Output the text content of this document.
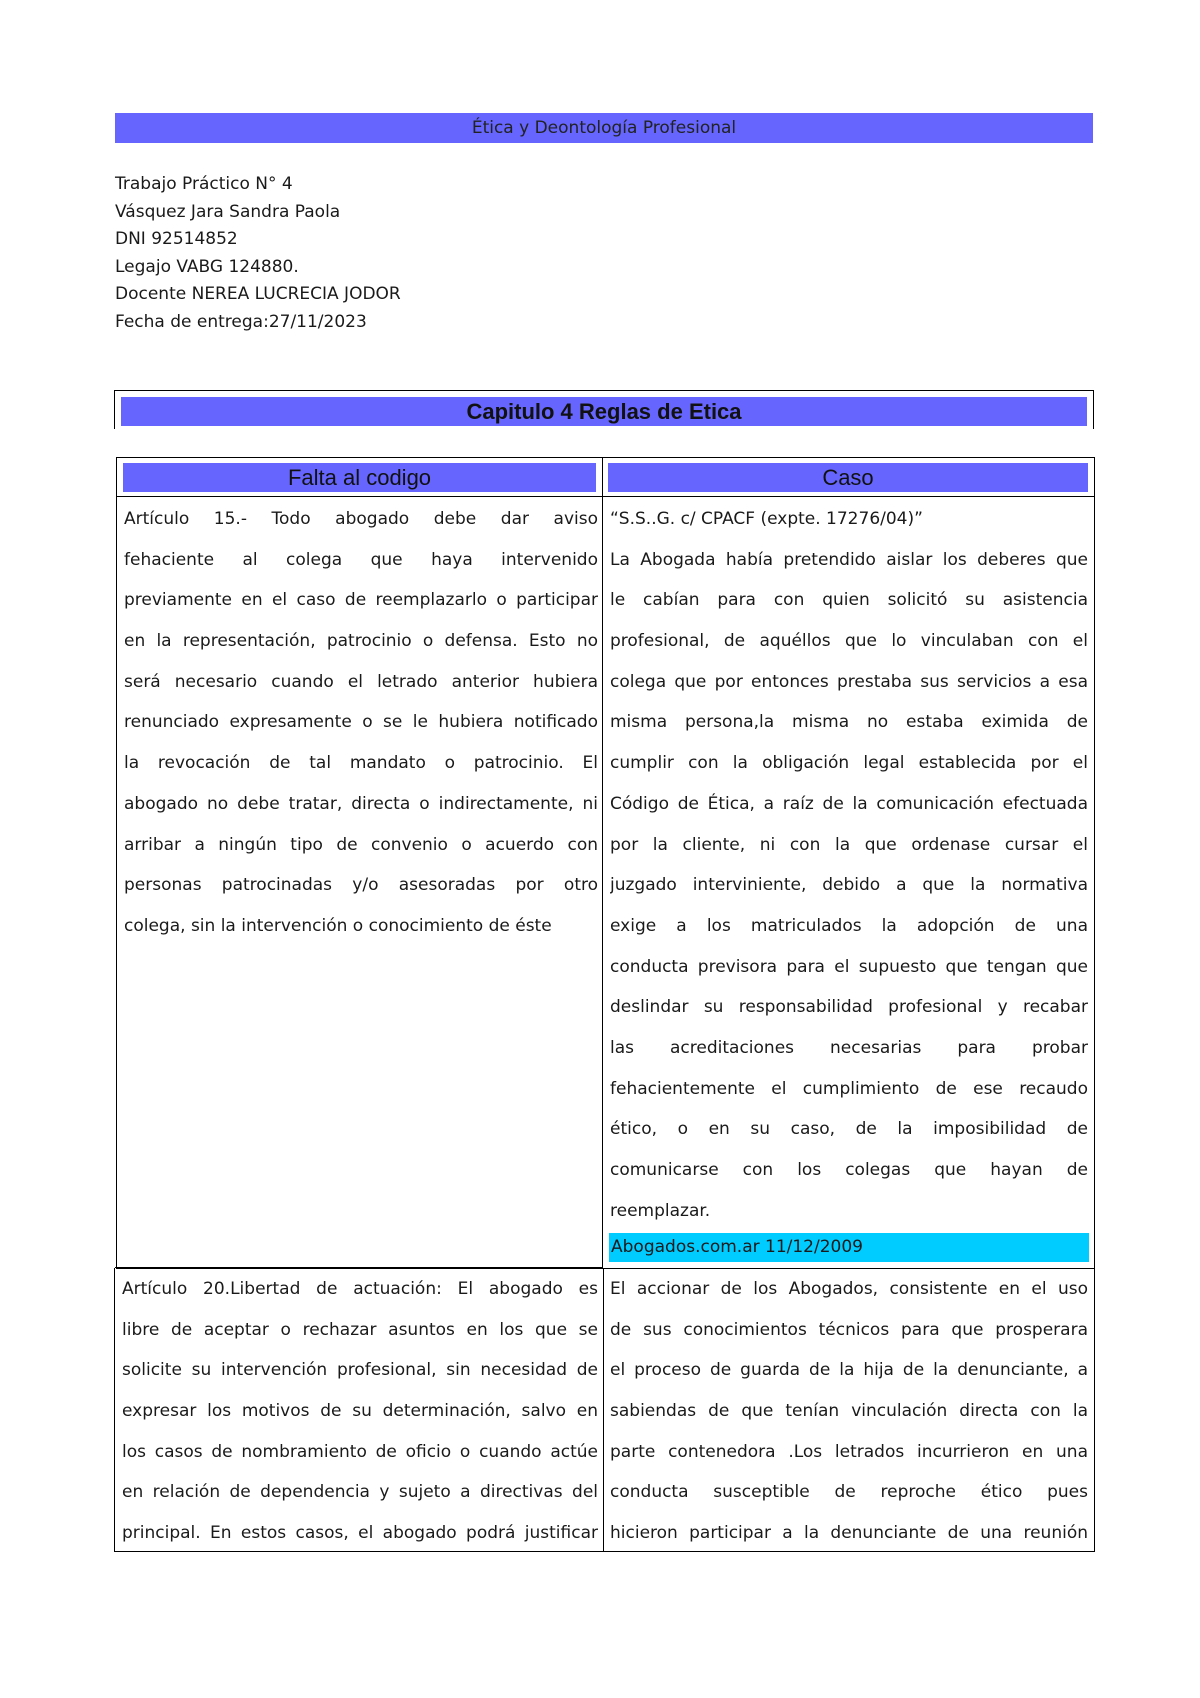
Ética y Deontología Profesional
Trabajo Práctico N° 4
Vásquez Jara Sandra Paola
DNI 92514852
Legajo VABG 124880.
Docente NEREA LUCRECIA JODOR
Fecha de entrega:27/11/2023
Capitulo 4 Reglas de Etica
Falta al codigo	Caso
Artículo 15.- Todo abogado debe dar aviso
fehaciente al colega que haya intervenido
previamente en el caso de reemplazarlo o participar
en la representación, patrocinio o defensa. Esto no
será necesario cuando el letrado anterior hubiera
renunciado expresamente o se le hubiera notificado
la revocación de tal mandato o patrocinio. El
abogado no debe tratar, directa o indirectamente, ni
arribar a ningún tipo de convenio o acuerdo con
personas patrocinadas y/o asesoradas por otro
colega, sin la intervención o conocimiento de éste
“S.S..G. c/ CPACF (expte. 17276/04)”
La Abogada había pretendido aislar los deberes que
le cabían para con quien solicitó su asistencia
profesional, de aquéllos que lo vinculaban con el
colega que por entonces prestaba sus servicios a esa
misma persona,la misma no estaba eximida de
cumplir con la obligación legal establecida por el
Código de Ética, a raíz de la comunicación efectuada
por la cliente, ni con la que ordenase cursar el
juzgado interviniente, debido a que la normativa
exige a los matriculados la adopción de una
conducta previsora para el supuesto que tengan que
deslindar su responsabilidad profesional y recabar
las acreditaciones necesarias para probar
fehacientemente el cumplimiento de ese recaudo
ético, o en su caso, de la imposibilidad de
comunicarse con los colegas que hayan de
reemplazar.
Abogados.com.ar 11/12/2009
Artículo 20.Libertad de actuación: El abogado es
libre de aceptar o rechazar asuntos en los que se
solicite su intervención profesional, sin necesidad de
expresar los motivos de su determinación, salvo en
los casos de nombramiento de oficio o cuando actúe
en relación de dependencia y sujeto a directivas del
principal. En estos casos, el abogado podrá justificar
El accionar de los Abogados, consistente en el uso
de sus conocimientos técnicos para que prosperara
el proceso de guarda de la hija de la denunciante, a
sabiendas de que tenían vinculación directa con la
parte contenedora .Los letrados incurrieron en una
conducta susceptible de reproche ético pues
hicieron participar a la denunciante de una reunión
